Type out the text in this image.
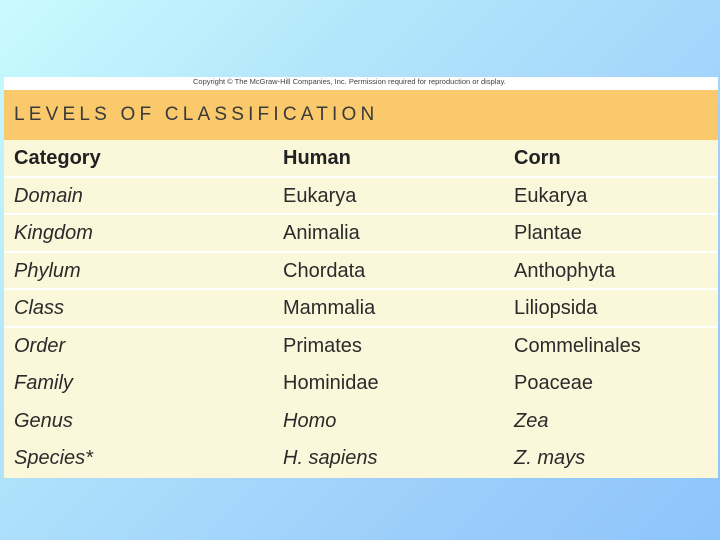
Copyright © The McGraw-Hill Companies, Inc. Permission required for reproduction or display.
LEVELS OF CLASSIFICATION
Category	Human	Corn
Domain	Eukarya	Eukarya
Kingdom	Animalia	Plantae
Phylum	Chordata	Anthophyta
Class	Mammalia	Liliopsida
Order	Primates	Commelinales
Family	Hominidae	Poaceae
Genus	Homo	Zea
Species*	H. sapiens	Z. mays
